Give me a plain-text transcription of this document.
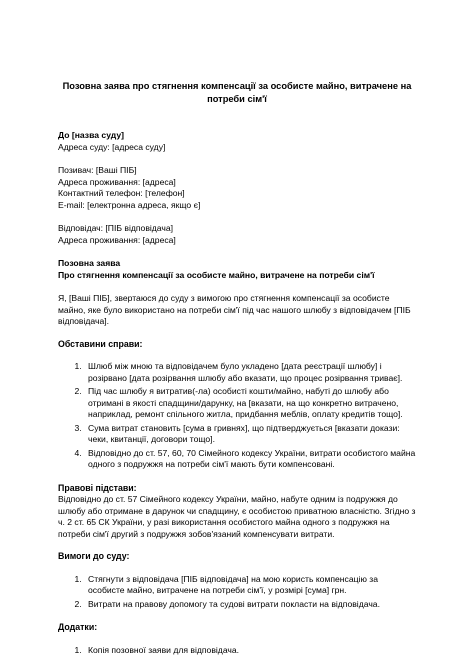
Позовна заява про стягнення компенсації за особисте майно, витрачене на потреби сім'ї

До [назва суду]

Адреса суду: [адреса суду]

Позивач: [Ваші ПІБ]

Адреса проживання: [адреса]

Контактний телефон: [телефон]

E-mail: [електронна адреса, якщо є]

Відповідач: [ПІБ відповідача]

Адреса проживання: [адреса]

Позовна заява

Про стягнення компенсації за особисте майно, витрачене на потреби сім'ї

Я, [Ваші ПІБ], звертаюся до суду з вимогою про стягнення компенсації за особисте майно, яке було використано на потреби сім'ї під час нашого шлюбу з відповідачем [ПІБ відповідача].

Обставини справи:
1. Шлюб між мною та відповідачем було укладено [дата реєстрації шлюбу] і розірвано [дата розірвання шлюбу або вказати, що процес розірвання триває].
2. Під час шлюбу я витратив(-ла) особисті кошти/майно, набуті до шлюбу або отримані в якості спадщини/дарунку, на [вказати, на що конкретно витрачено, наприклад, ремонт спільного житла, придбання меблів, оплату кредитів тощо].
3. Сума витрат становить [сума в гривнях], що підтверджується [вказати докази: чеки, квитанції, договори тощо].
4. Відповідно до ст. 57, 60, 70 Сімейного кодексу України, витрати особистого майна одного з подружжя на потреби сім'ї мають бути компенсовані.
Правові підстави:

Відповідно до ст. 57 Сімейного кодексу України, майно, набуте одним із подружжя до шлюбу або отримане в дарунок чи спадщину, є особистою приватною власністю. Згідно з ч. 2 ст. 65 СК України, у разі використання особистого майна одного з подружжя на потреби сім'ї другий з подружжя зобов'язаний компенсувати витрати.

Вимоги до суду:
1. Стягнути з відповідача [ПІБ відповідача] на мою користь компенсацію за особисте майно, витрачене на потреби сім'ї, у розмірі [сума] грн.
2. Витрати на правову допомогу та судові витрати покласти на відповідача.
Додатки:
1. Копія позовної заяви для відповідача.
